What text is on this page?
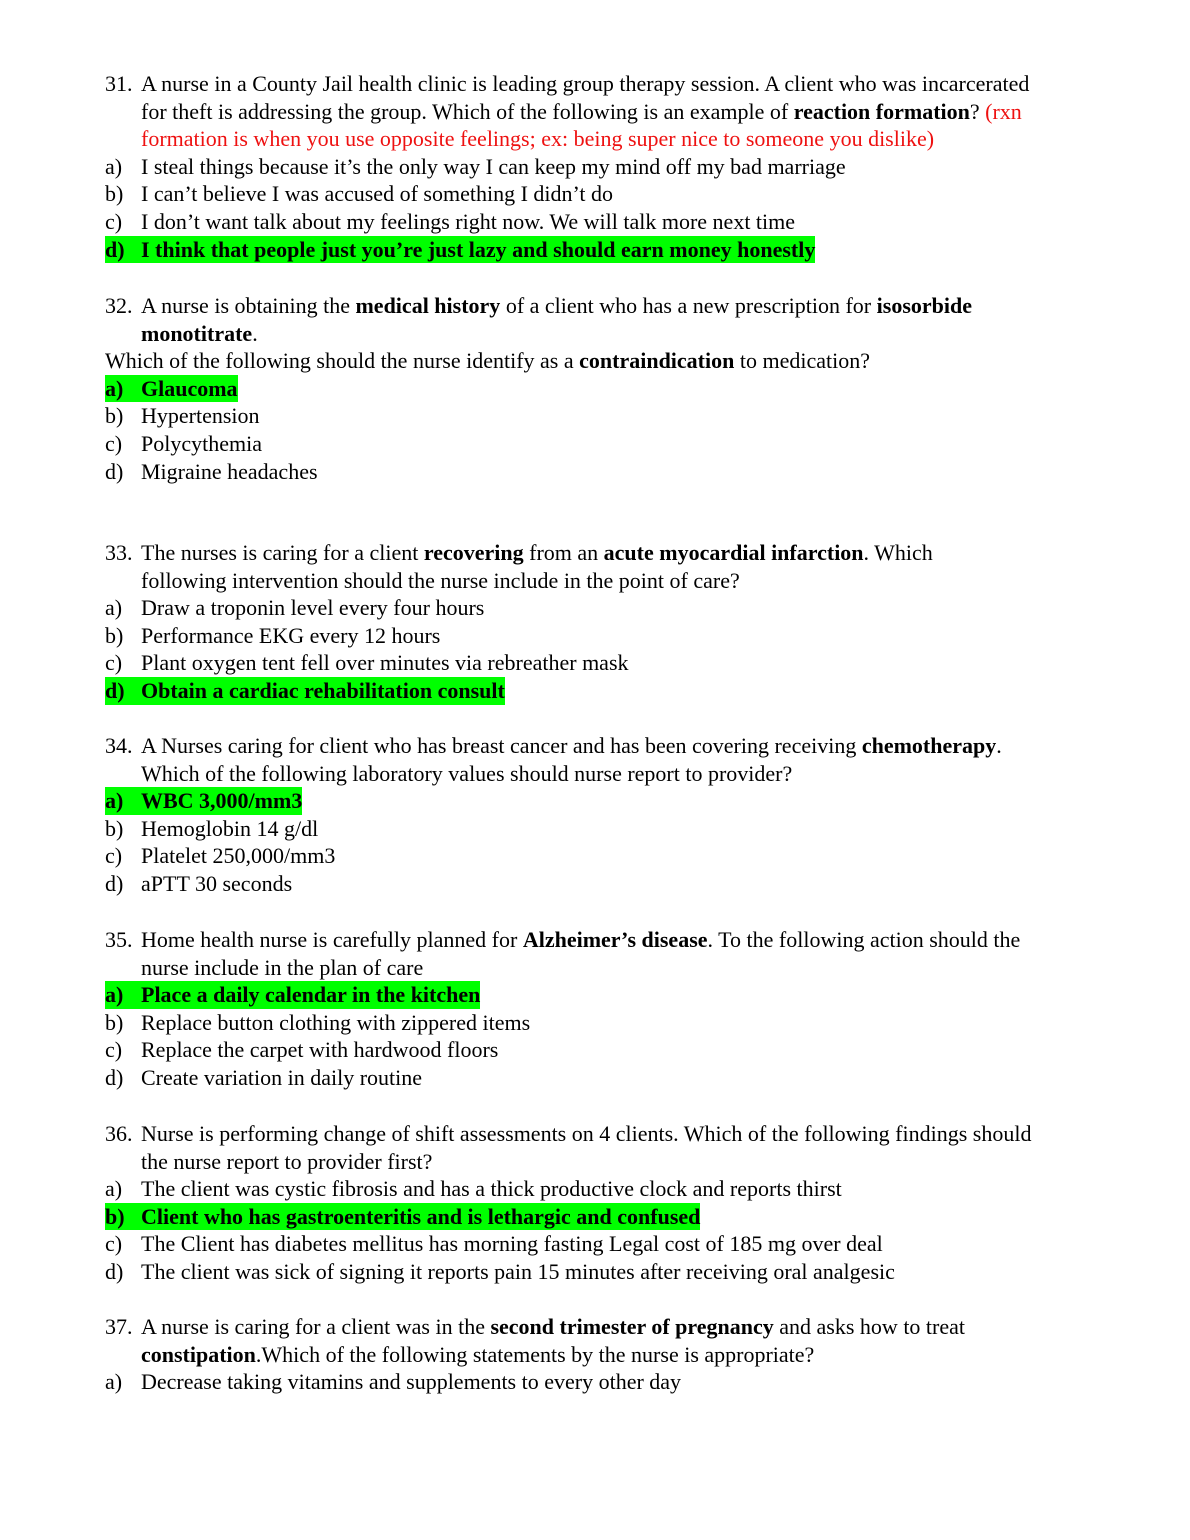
31. A nurse in a County Jail health clinic is leading group therapy session. A client who was incarcerated
for theft is addressing the group. Which of the following is an example of reaction formation? (rxn
formation is when you use opposite feelings; ex: being super nice to someone you dislike)
a) I steal things because it’s the only way I can keep my mind off my bad marriage
b) I can’t believe I was accused of something I didn’t do
c) I don’t want talk about my feelings right now. We will talk more next time
d) I think that people just you’re just lazy and should earn money honestly
32. A nurse is obtaining the medical history of a client who has a new prescription for isosorbide
monotitrate.
Which of the following should the nurse identify as a contraindication to medication?
a) Glaucoma
b) Hypertension
c) Polycythemia
d) Migraine headaches
33. The nurses is caring for a client recovering from an acute myocardial infarction. Which
following intervention should the nurse include in the point of care?
a) Draw a troponin level every four hours
b) Performance EKG every 12 hours
c) Plant oxygen tent fell over minutes via rebreather mask
d) Obtain a cardiac rehabilitation consult
34. A Nurses caring for client who has breast cancer and has been covering receiving chemotherapy.
Which of the following laboratory values should nurse report to provider?
a) WBC 3,000/mm3
b) Hemoglobin 14 g/dl
c) Platelet 250,000/mm3
d) aPTT 30 seconds
35. Home health nurse is carefully planned for Alzheimer’s disease. To the following action should the
nurse include in the plan of care
a) Place a daily calendar in the kitchen
b) Replace button clothing with zippered items
c) Replace the carpet with hardwood floors
d) Create variation in daily routine
36. Nurse is performing change of shift assessments on 4 clients. Which of the following findings should
the nurse report to provider first?
a) The client was cystic fibrosis and has a thick productive clock and reports thirst
b) Client who has gastroenteritis and is lethargic and confused
c) The Client has diabetes mellitus has morning fasting Legal cost of 185 mg over deal
d) The client was sick of signing it reports pain 15 minutes after receiving oral analgesic
37. A nurse is caring for a client was in the second trimester of pregnancy and asks how to treat
constipation.Which of the following statements by the nurse is appropriate?
a) Decrease taking vitamins and supplements to every other day
